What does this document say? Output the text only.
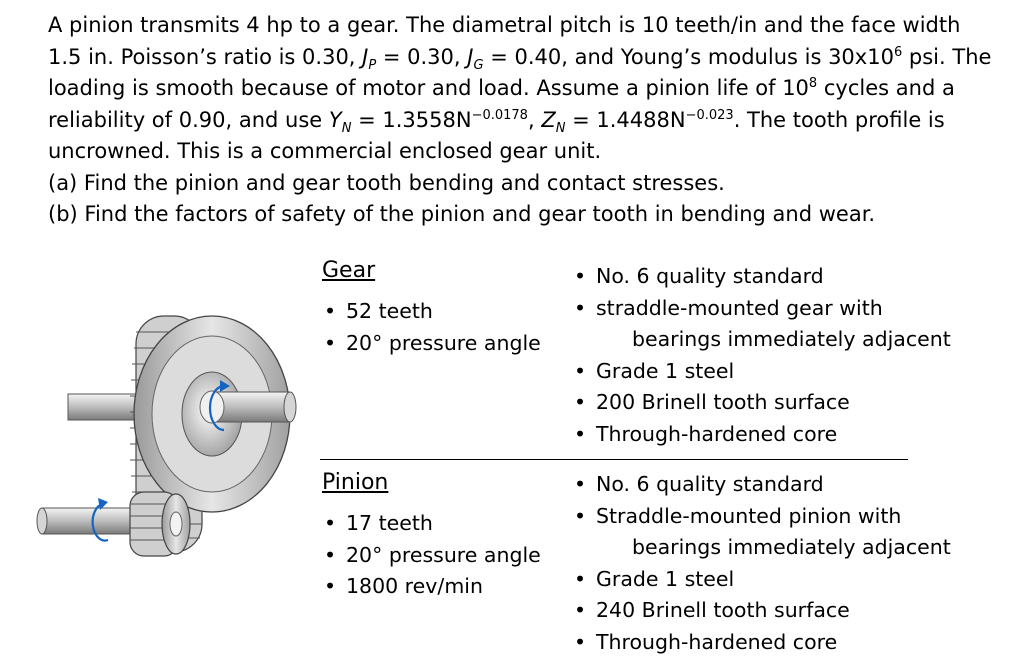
A pinion transmits 4 hp to a gear. The diametral pitch is 10 teeth/in and the face width

1.5 in. Poisson’s ratio is 0.30, $J_P = 0.30$, $J_G = 0.40$, and Young’s modulus is $30x10^6$ psi. The

loading is smooth because of motor and load. Assume a pinion life of $10^8$ cycles and a

reliability of 0.90, and use $Y_N = 1.3558N^{-0.0178}$, $Z_N = 1.4488N^{-0.023}$. The tooth profile is

uncrowned. This is a commercial enclosed gear unit.

(a) Find the pinion and gear tooth bending and contact stresses.

(b) Find the factors of safety of the pinion and gear tooth in bending and wear.

Gear
• 52 teeth
• 20° pressure angle
• No. 6 quality standard
• straddle-mounted gear with
bearings immediately adjacent
• Grade 1 steel
• 200 Brinell tooth surface
• Through-hardened core
Pinion
• 17 teeth
• 20° pressure angle
• 1800 rev/min
• No. 6 quality standard
• Straddle-mounted pinion with
bearings immediately adjacent
• Grade 1 steel
• 240 Brinell tooth surface
• Through-hardened core
